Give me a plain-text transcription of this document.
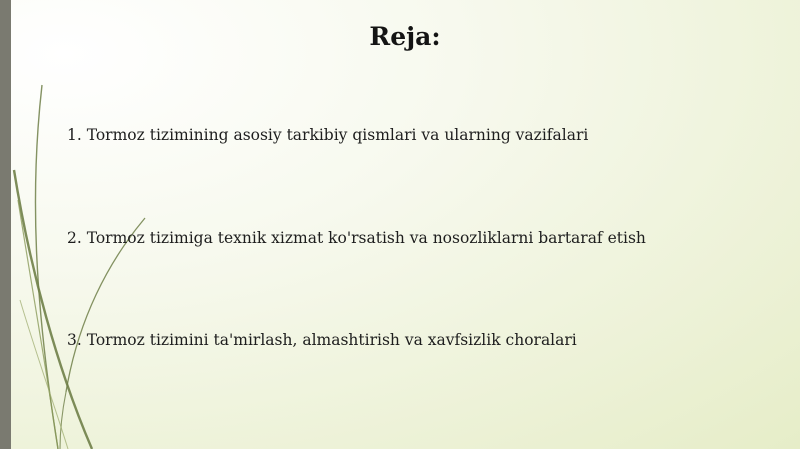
Reja:
1. Tormoz tizimining asosiy tarkibiy qismlari va ularning vazifalari
2. Tormoz tizimiga texnik xizmat ko'rsatish va nosozliklarni bartaraf etish
3. Tormoz tizimini ta'mirlash, almashtirish va xavfsizlik choralari
